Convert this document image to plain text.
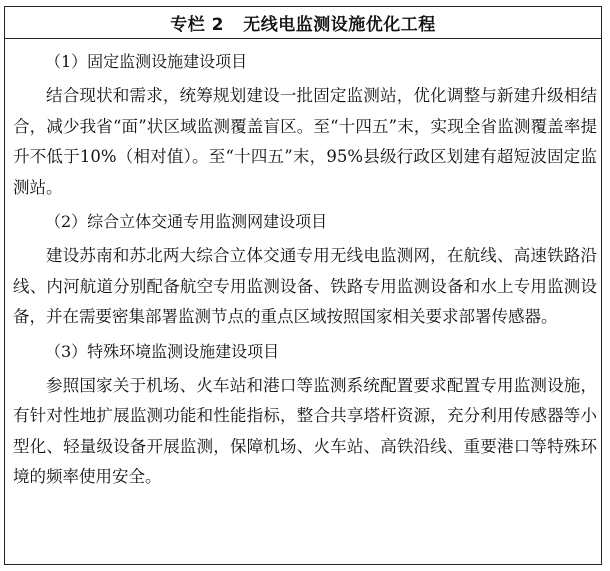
专栏 2   无线电监测设施优化工程

（1）固定监测设施建设项目

结合现状和需求，统筹规划建设一批固定监测站，优化调整与新建升级相结合，减少我省“面”状区域监测覆盖盲区。至“十四五”末，实现全省监测覆盖率提升不低于10%（相对值）。至“十四五”末，95%县级行政区划建有超短波固定监测站。

（2）综合立体交通专用监测网建设项目

建设苏南和苏北两大综合立体交通专用无线电监测网，在航线、高速铁路沿线、内河航道分别配备航空专用监测设备、铁路专用监测设备和水上专用监测设备，并在需要密集部署监测节点的重点区域按照国家相关要求部署传感器。

（3）特殊环境监测设施建设项目

参照国家关于机场、火车站和港口等监测系统配置要求配置专用监测设施，有针对性地扩展监测功能和性能指标，整合共享塔杆资源，充分利用传感器等小型化、轻量级设备开展监测，保障机场、火车站、高铁沿线、重要港口等特殊环境的频率使用安全。
